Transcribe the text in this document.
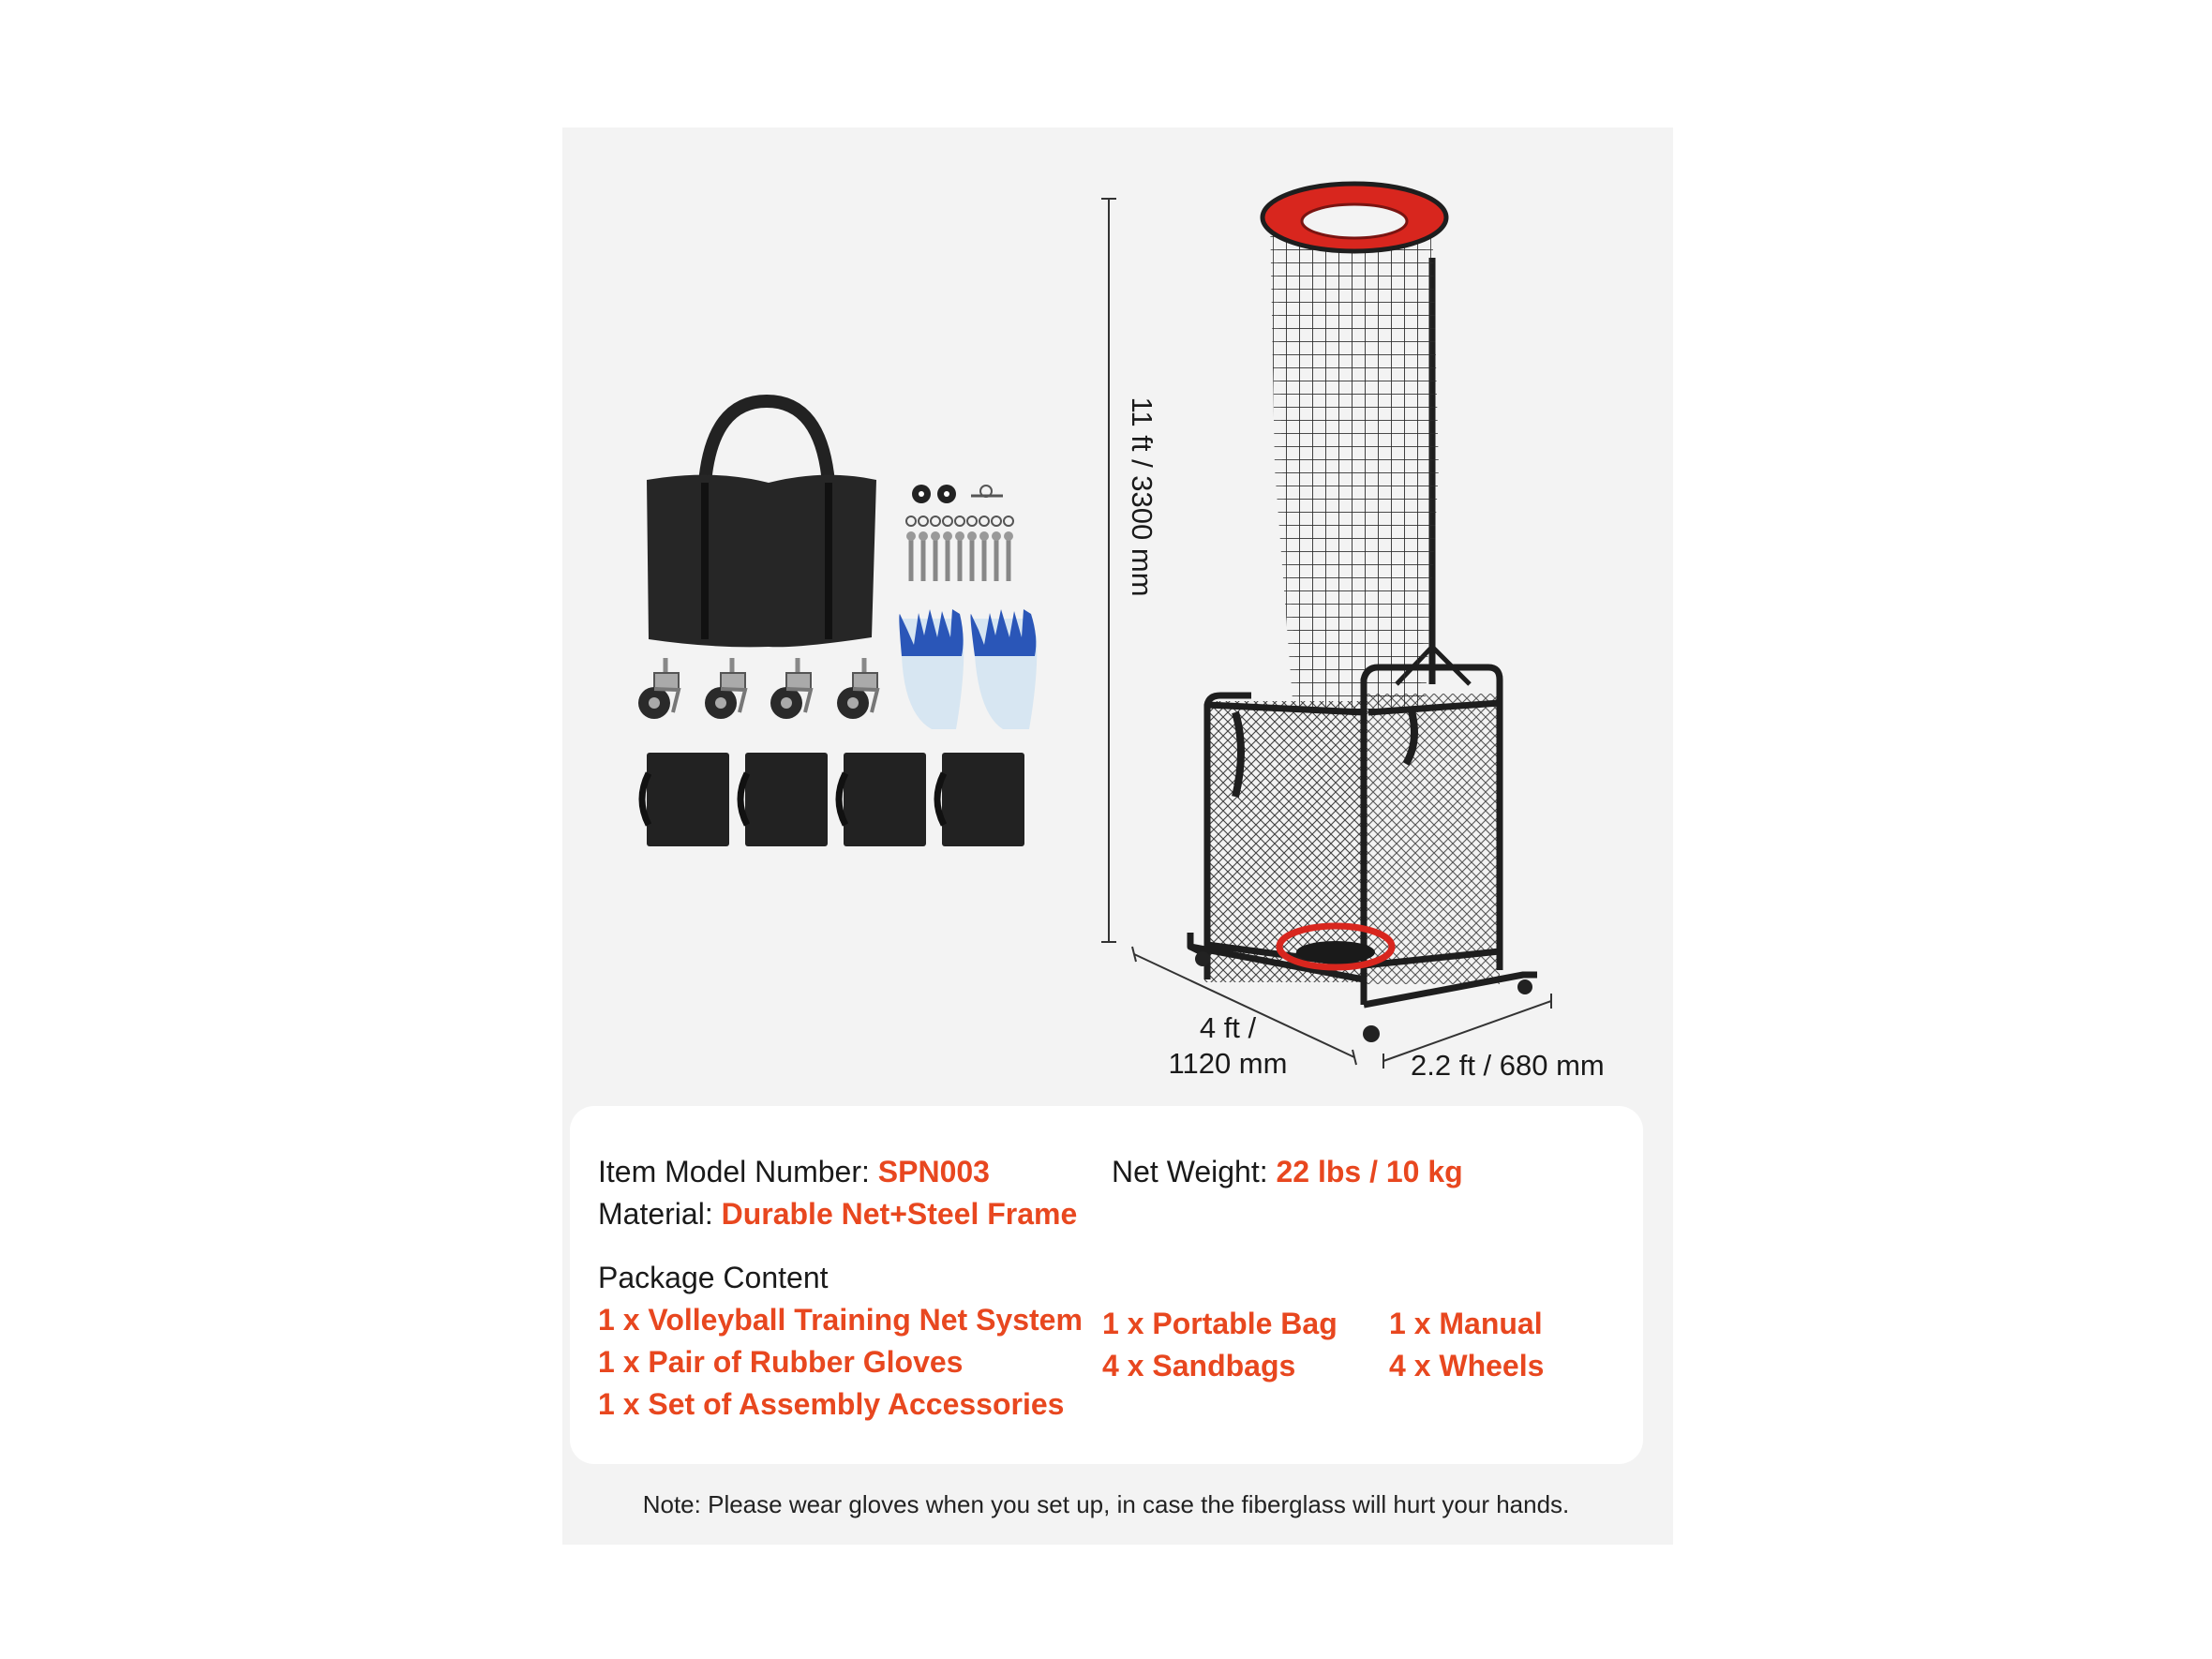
11 ft / 3300 mm
4 ft /
1120 mm	2.2 ft / 680 mm
Item Model Number: SPN003	Net Weight: 22 lbs / 10 kg
Material: Durable Net+Steel Frame
Package Content
1 x Volleyball Training Net System
1 x Pair of Rubber Gloves
1 x Set of Assembly Accessories
1 x Portable Bag
4 x Sandbags
1 x Manual
4 x Wheels
Note: Please wear gloves when you set up, in case the fiberglass will hurt your hands.
